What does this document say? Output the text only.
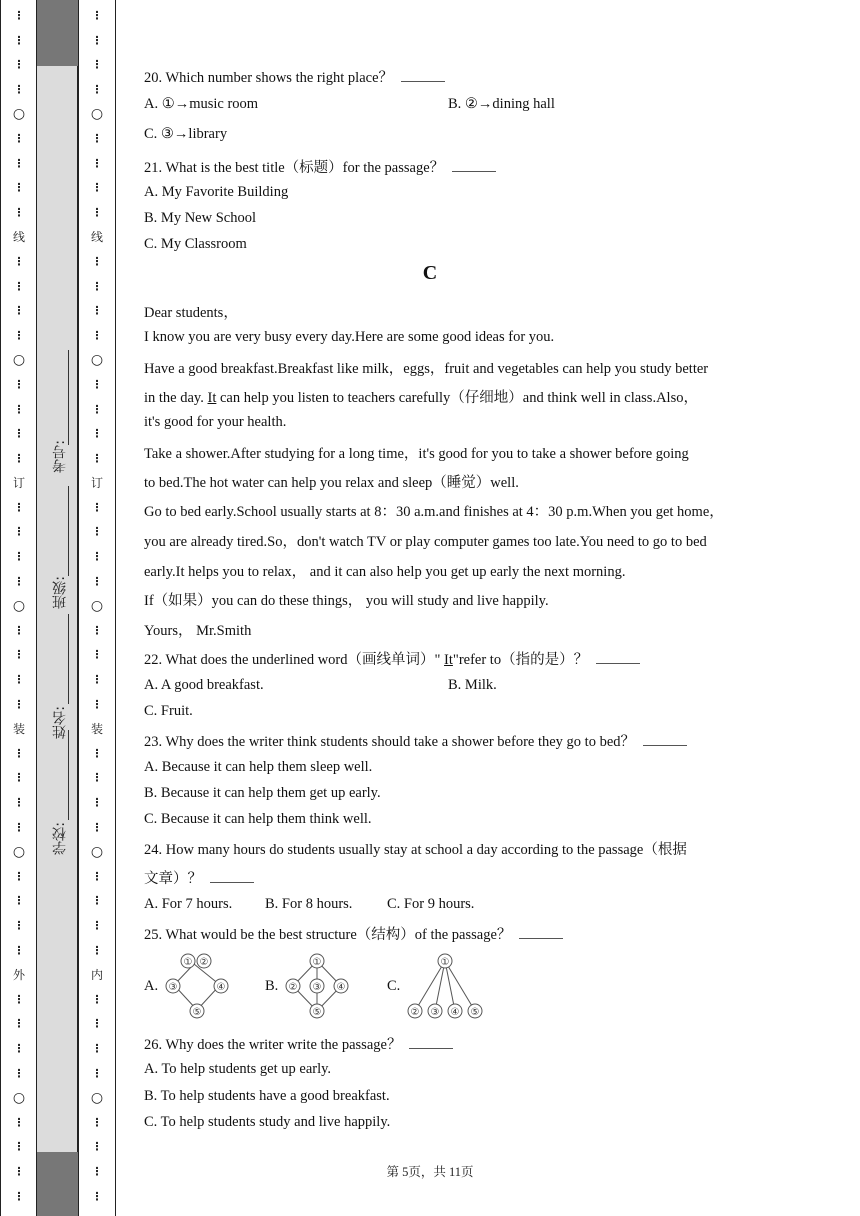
⋮
⋮
⋮
⋮
○
⋮
⋮
⋮
⋮
线
⋮
⋮
⋮
⋮
○
⋮
⋮
⋮
⋮
订
⋮
⋮
⋮
⋮
○
⋮
⋮
⋮
⋮
装
⋮
⋮
⋮
⋮
○
⋮
⋮
⋮
⋮
外
⋮
⋮
⋮
⋮
○
⋮
⋮
⋮
⋮
考号:
班级:
姓名:
学校:
⋮
⋮
⋮
⋮
○
⋮
⋮
⋮
⋮
线
⋮
⋮
⋮
⋮
○
⋮
⋮
⋮
⋮
订
⋮
⋮
⋮
⋮
○
⋮
⋮
⋮
⋮
装
⋮
⋮
⋮
⋮
○
⋮
⋮
⋮
⋮
内
⋮
⋮
⋮
⋮
○
⋮
⋮
⋮
⋮
20. Which number shows the right place？
A. ①→music room	B. ②→dining hall
C. ③→library
21. What is the best title（标题）for the passage？
A. My Favorite Building
B. My New School
C. My Classroom
C
Dear students，
I know you are very busy every day.Here are some good ideas for you.
Have a good breakfast.Breakfast like milk，eggs，fruit and vegetables can help you study better
in the day. It can help you listen to teachers carefully（仔细地）and think well in class.Also，
it's good for your health.
Take a shower.After studying for a long time，it's good for you to take a shower before going
to bed.The hot water can help you relax and sleep（睡觉）well.
Go to bed early.School usually starts at 8：30 a.m.and finishes at 4：30 p.m.When you get home，
you are already tired.So，don't watch TV or play computer games too late.You need to go to bed
early.It helps you to relax， and it can also help you get up early the next morning.
If（如果）you can do these things， you will study and live happily.
Yours， Mr.Smith
22. What does the underlined word（画线单词）" It"refer to（指的是）？
A. A good breakfast.	B. Milk.
C. Fruit.
23. Why does the writer think students should take a shower before they go to bed？
A. Because it can help them sleep well.
B. Because it can help them get up early.
C. Because it can help them think well.
24. How many hours do students usually stay at school a day according to the passage（根据
文章）？
A. For 7 hours. B. For 8 hours. C. For 9 hours.
25. What would be the best structure（结构）of the passage？
A.	B.	C.
① ②
③	④
⑤
①
② ③ ④
⑤
①
② ③ ④ ⑤
26. Why does the writer write the passage？
A. To help students get up early.
B. To help students have a good breakfast.
C. To help students study and live happily.
第 5页，共 11页
